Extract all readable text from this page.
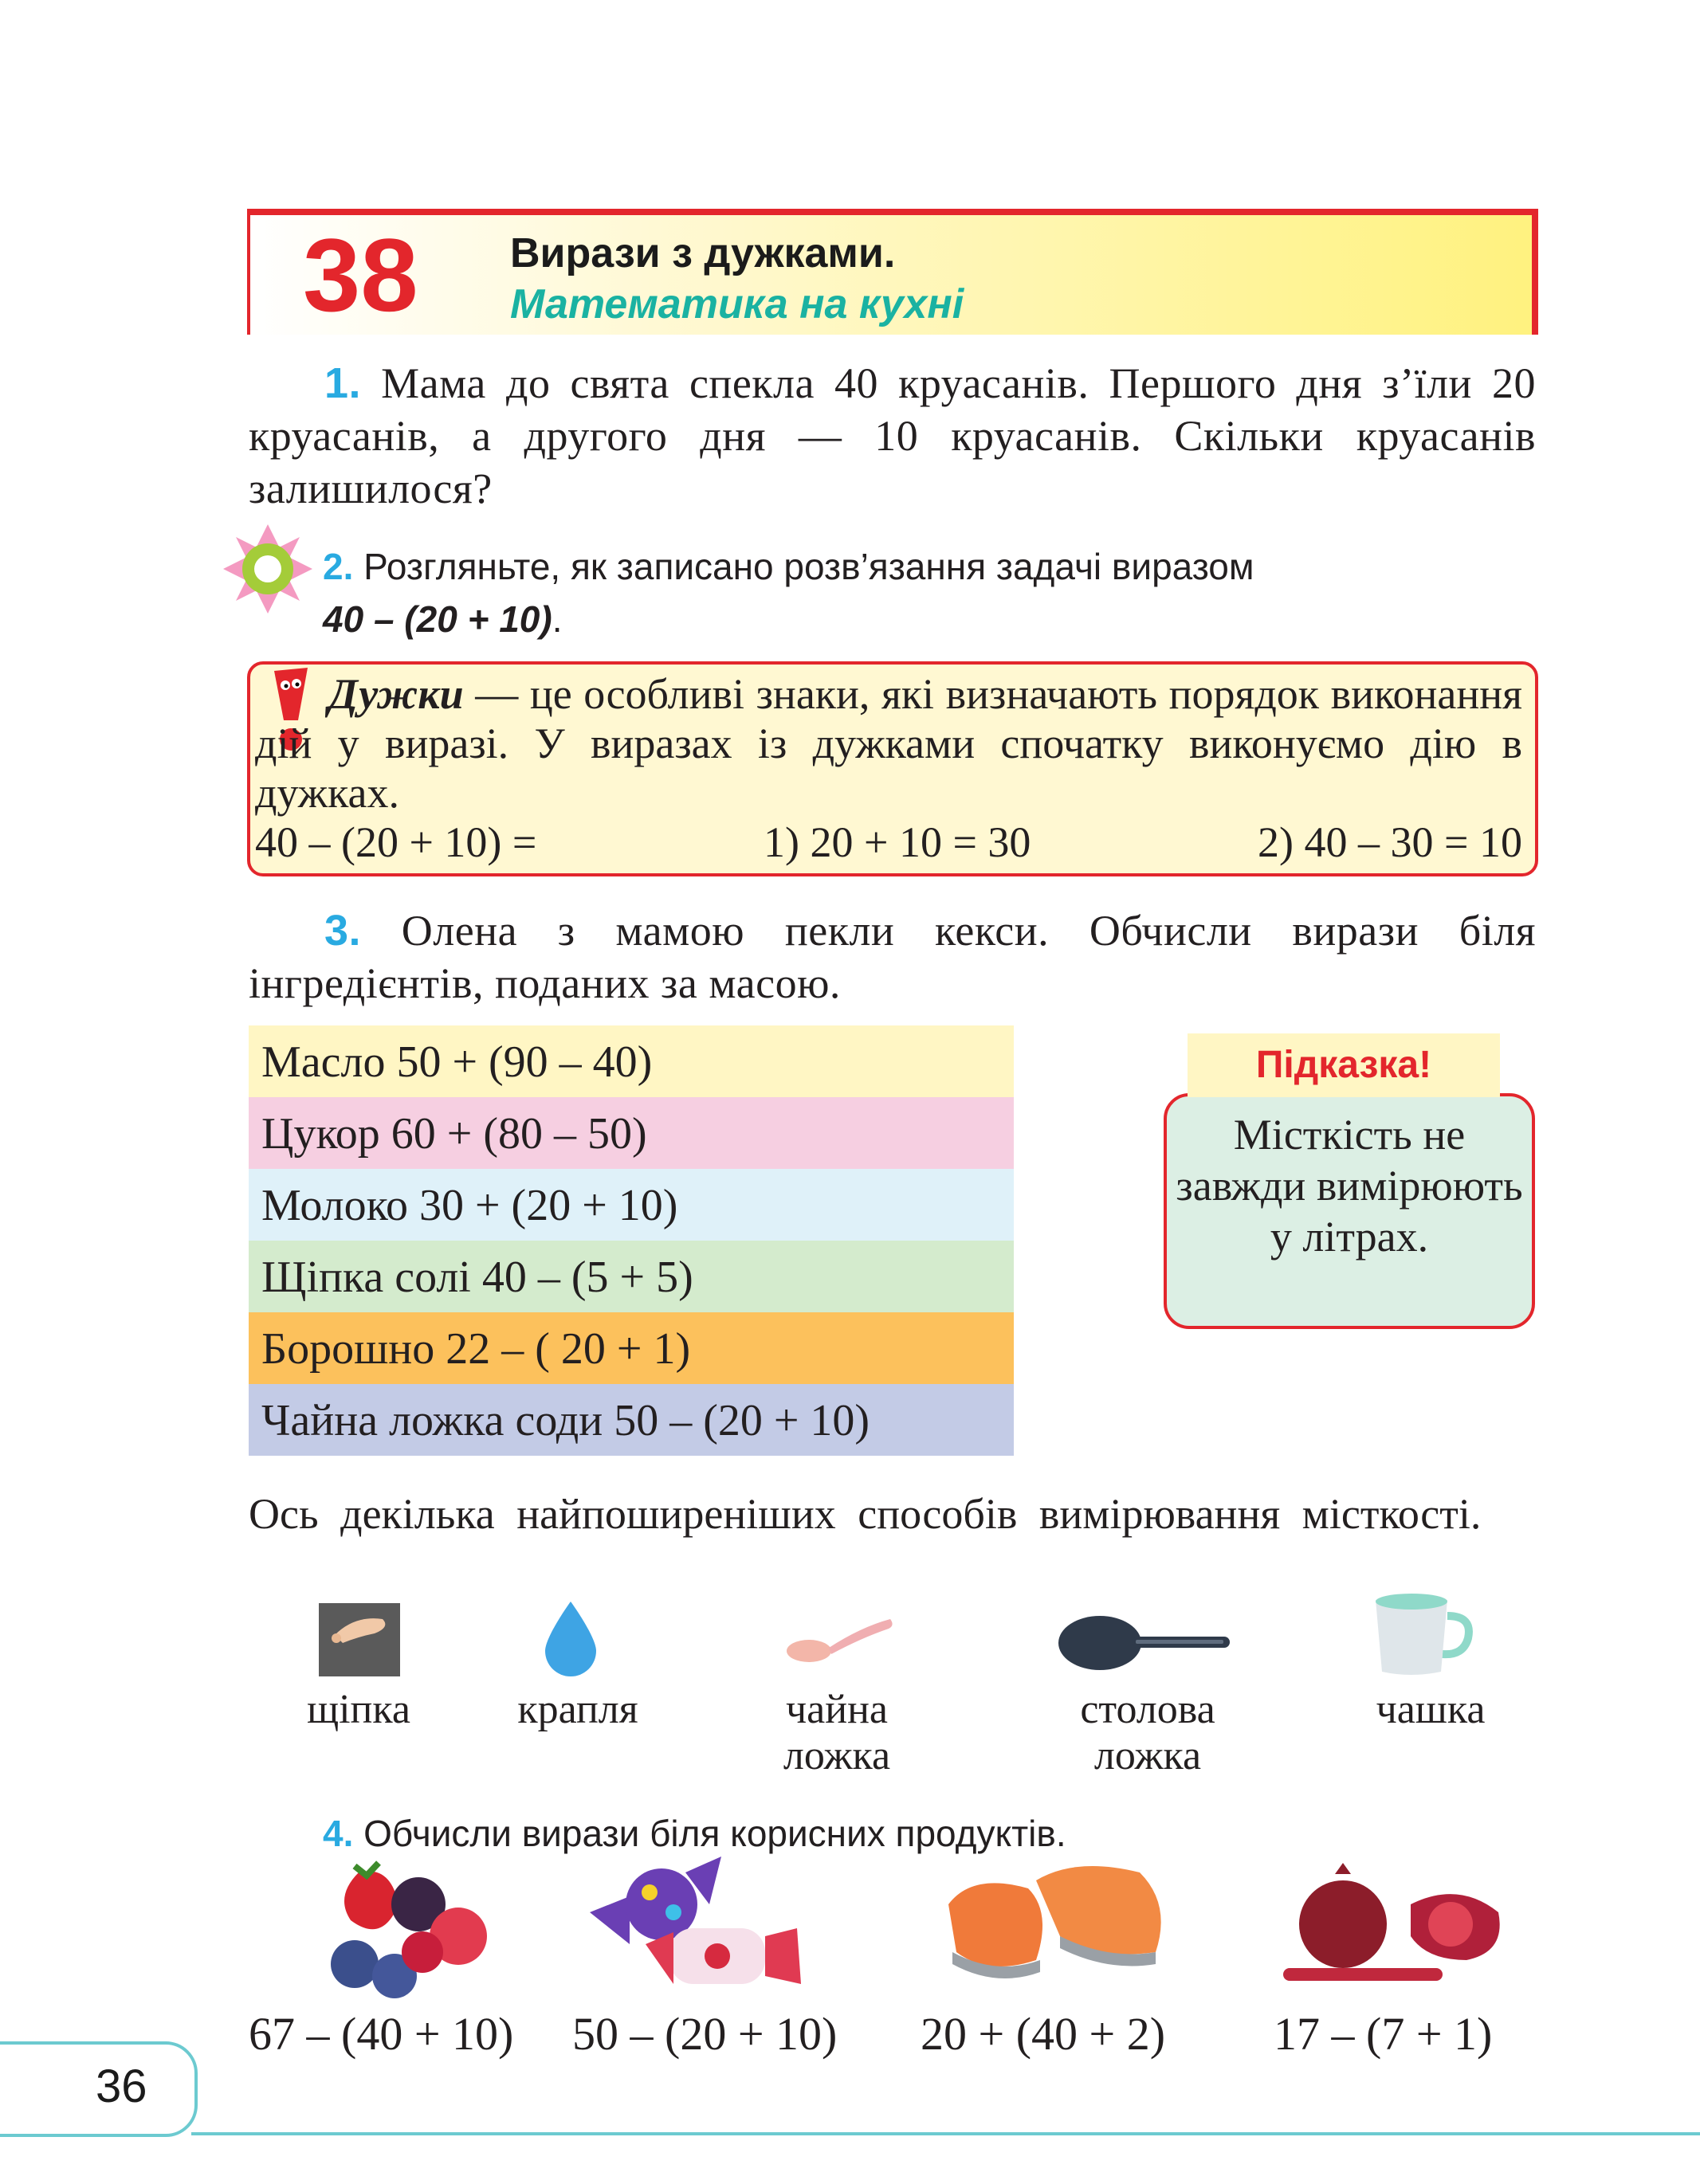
38 Вирази з дужками.
Математика на кухні
1. Мама до свята спекла 40 круасанів. Першого дня з’їли 20 круасанів, а другого дня — 10 круасанів. Скільки круасанів залишилося?
2. Розгляньте, як записано розв’язання задачі виразом
40 – (20 + 10).
Дужки — це особливі знаки, які визначають порядок виконання дій у виразі. У виразах із дужками спочатку виконуємо дію в дужках.
40 – (20 + 10) =	1) 20 + 10 = 30	2) 40 – 30 = 10
3. Олена з мамою пекли кекси. Обчисли вирази біля інгредієнтів, поданих за масою.
Масло 50 + (90 – 40)
Цукор 60 + (80 – 50)
Молоко 30 + (20 + 10)
Щіпка солі 40 – (5 + 5)
Борошно 22 – ( 20 + 1)
Чайна ложка соди 50 – (20 + 10)
Підказка!
Місткість не завжди вимірюють у літрах.
Ось декілька найпоширеніших способів вимірювання місткості.
щіпка	крапля	чайна ложка
столова ложка
чашка
4. Обчисли вирази біля корисних продуктів.
67 – (40 + 10) 50 – (20 + 10) 20 + (40 + 2) 17 – (7 + 1)
36
